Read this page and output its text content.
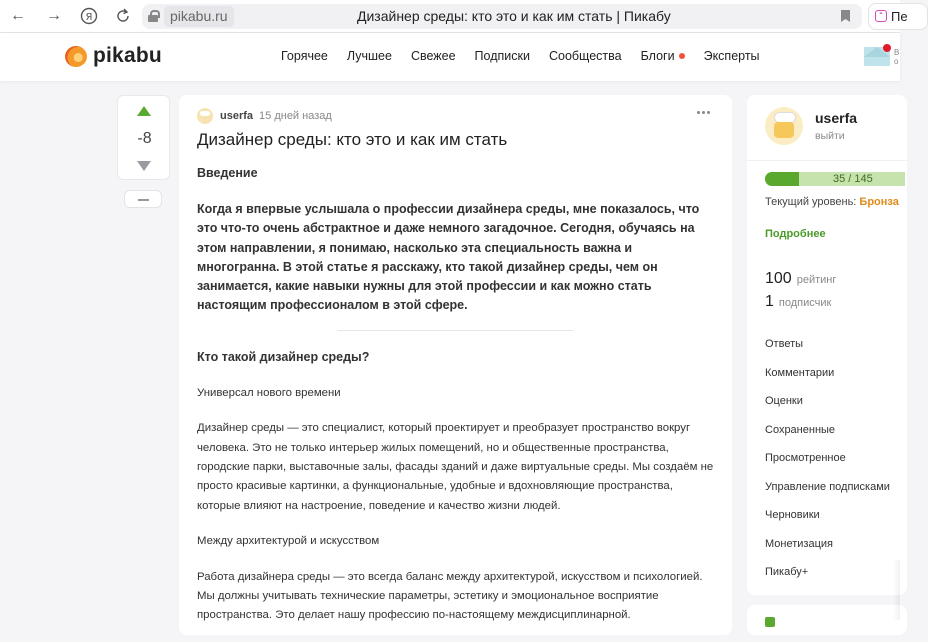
← → Я	pikabu.ru	Дизайнер среды: кто это и как им стать | Пикабу	“ Пе
pikabu	Горячее Лучшее Свежее Подписки Сообщества Блоги	Эксперты	В
о
-8
userfa 15 дней назад
Дизайнер среды: кто это и как им стать
Введение
Когда я впервые услышала о профессии дизайнера среды, мне показалось, что это что-то очень абстрактное и даже немного загадочное. Сегодня, обучаясь на этом направлении, я понимаю, насколько эта специальность важна и многогранна. В этой статье я расскажу, кто такой дизайнер среды, чем он занимается, какие навыки нужны для этой профессии и как можно стать настоящим профессионалом в этой сфере.
Кто такой дизайнер среды?
Универсал нового времени
Дизайнер среды — это специалист, который проектирует и преобразует пространство вокруг человека. Это не только интерьер жилых помещений, но и общественные пространства, городские парки, выставочные залы, фасады зданий и даже виртуальные среды. Мы создаём не просто красивые картинки, а функциональные, удобные и вдохновляющие пространства, которые влияют на настроение, поведение и качество жизни людей.
Между архитектурой и искусством
Работа дизайнера среды — это всегда баланс между архитектурой, искусством и психологией. Мы должны учитывать технические параметры, эстетику и эмоциональное восприятие пространства. Это делает нашу профессию по-настоящему междисциплинарной.
userfa
выйти
35 / 145
Текущий уровень: Бронза
Подробнее
100 рейтинг
1 подписчик
Ответы
Комментарии
Оценки
Сохраненные
Просмотренное
Управление подписками
Черновики
Монетизация
Пикабу+
